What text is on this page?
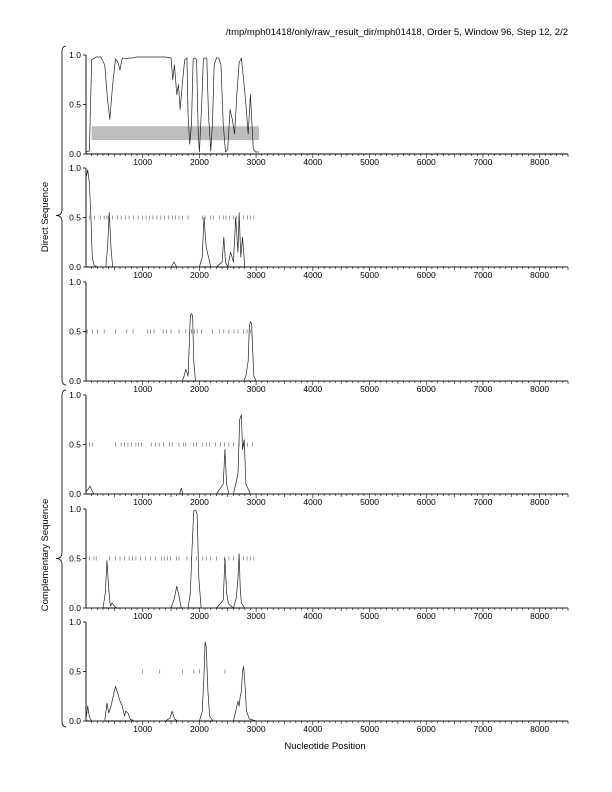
/tmp/mph01418/only/raw_result_dir/mph01418, Order 5, Window 96, Step 12, 2/2
1000	2000	3000	4000	5000	6000	7000	8000
0.0
0.5
1.0
1000	2000	3000	4000	5000	6000	7000	8000
0.0
0.5
1.0
1000	2000	3000	4000	5000	6000	7000	8000
0.0
0.5
1.0
1000	2000	3000	4000	5000	6000	7000	8000
0.0
0.5
1.0
1000	2000	3000	4000	5000	6000	7000	8000
0.0
0.5
1.0
1000	2000	3000	4000	5000	6000	7000	8000
0.0
0.5
1.0
Direct Sequence
Complementary Sequence
Nucleotide Position
